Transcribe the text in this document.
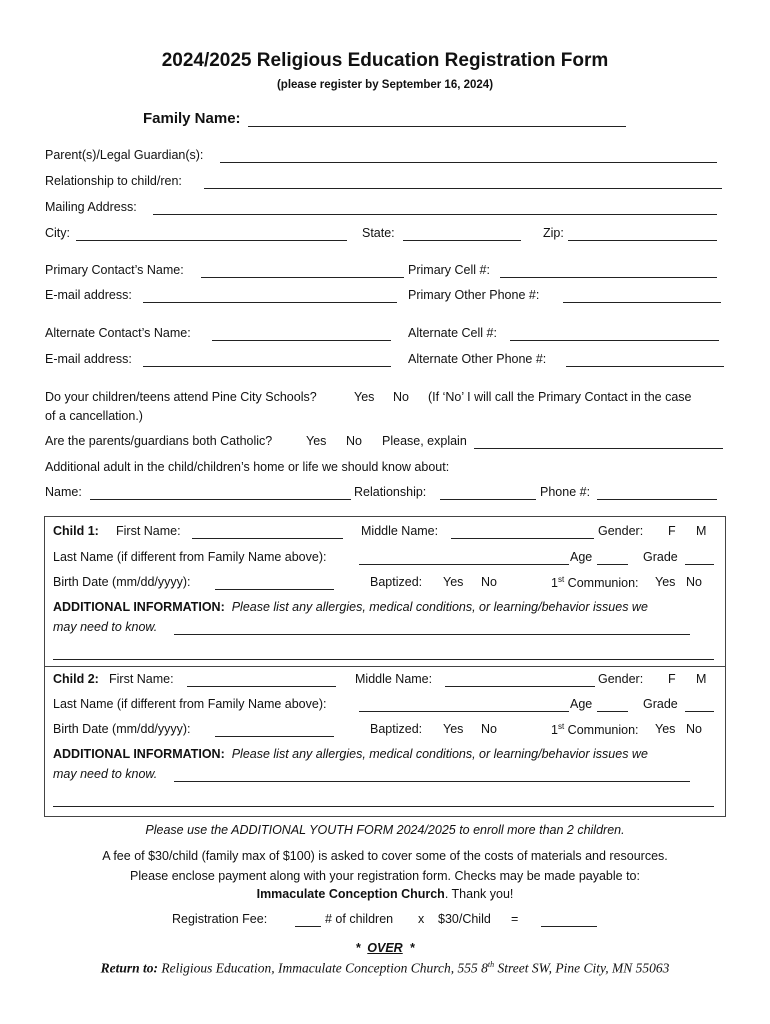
2024/2025 Religious Education Registration Form
(please register by September 16, 2024)
Family Name:
Parent(s)/Legal Guardian(s):
Relationship to child/ren:
Mailing Address:
City:	State:	Zip:
Primary Contact’s Name:	Primary Cell #:
E-mail address:	Primary Other Phone #:
Alternate Contact’s Name:	Alternate Cell #:
E-mail address:	Alternate Other Phone #:
Do your children/teens attend Pine City Schools?	Yes No (If ‘No’ I will call the Primary Contact in the case
of a cancellation.)
Are the parents/guardians both Catholic?	Yes No Please, explain
Additional adult in the child/children’s home or life we should know about:
Name:	Relationship:	Phone #:
Child 1: First Name:	Middle Name:	Gender: F M
Last Name (if different from Family Name above):	Age	Grade
Birth Date (mm/dd/yyyy):	Baptized: Yes No	1st Communion: Yes No
ADDITIONAL INFORMATION: Please list any allergies, medical conditions, or learning/behavior issues we
may need to know.
Child 2: First Name:	Middle Name:	Gender: F M
Last Name (if different from Family Name above):	Age	Grade
Birth Date (mm/dd/yyyy):	Baptized: Yes No	1st Communion: Yes No
ADDITIONAL INFORMATION: Please list any allergies, medical conditions, or learning/behavior issues we
may need to know.
Please use the ADDITIONAL YOUTH FORM 2024/2025 to enroll more than 2 children.
A fee of $30/child (family max of $100) is asked to cover some of the costs of materials and resources.
Please enclose payment along with your registration form. Checks may be made payable to:
Immaculate Conception Church. Thank you!
Registration Fee:	# of children x $30/Child =
* OVER *
Return to: Religious Education, Immaculate Conception Church, 555 8th Street SW, Pine City, MN 55063
